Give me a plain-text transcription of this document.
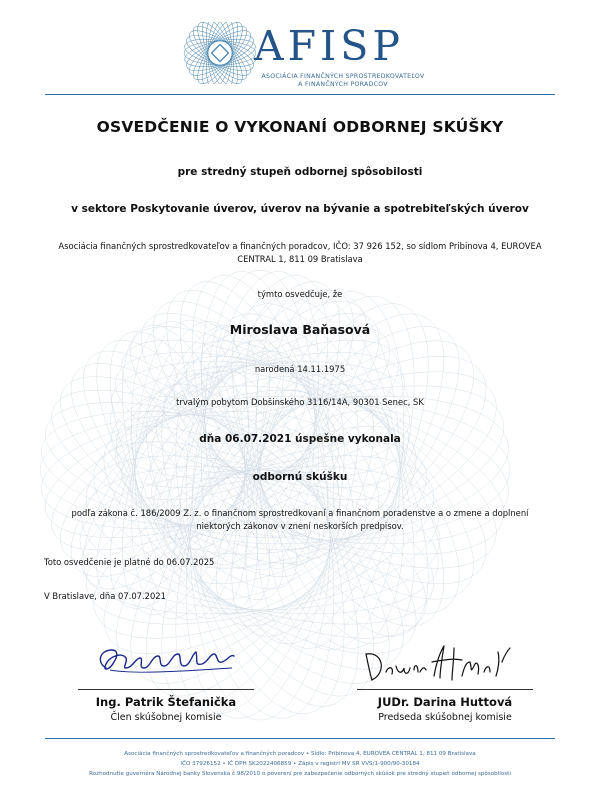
AFISP
ASOCIÁCIA FINANČNÝCH SPROSTREDKOVATEĽOV
A FINANČNÝCH PORADCOV
OSVEDČENIE O VYKONANÍ ODBORNEJ SKÚŠKY
pre stredný stupeň odbornej spôsobilosti
v sektore Poskytovanie úverov, úverov na bývanie a spotrebiteľských úverov
Asociácia finančných sprostredkovateľov a finančných poradcov, IČO: 37 926 152, so sídlom Pribinova 4, EUROVEA
CENTRAL 1, 811 09 Bratislava
týmto osvedčuje, že
Miroslava Baňasová
narodená 14.11.1975
trvalým pobytom Dobšinského 3116/14A, 90301 Senec, SK
dňa 06.07.2021 úspešne vykonala
odbornú skúšku
podľa zákona č. 186/2009 Z. z. o finančnom sprostredkovaní a finančnom poradenstve a o zmene a doplnení
niektorých zákonov v znení neskorších predpisov.
Toto osvedčenie je platné do 06.07.2025
V Bratislave, dňa 07.07.2021
Ing. Patrik Štefanička
Člen skúšobnej komisie
JUDr. Darina Huttová
Predseda skúšobnej komisie
Asociácia finančných sprostredkovateľov a finančných poradcov • Sídlo: Pribinova 4, EUROVEA CENTRAL 1, 811 09 Bratislava
IČO 37926152 • IČ DPH SK2022406859 • Zápis v registri MV SR VVS/1-900/90-30184
Rozhodnutie guvernéra Národnej banky Slovenska č.98/2010 o poverení pre zabezpečenie odborných skúšok pre stredný stupeň odbornej spôsobilosti
